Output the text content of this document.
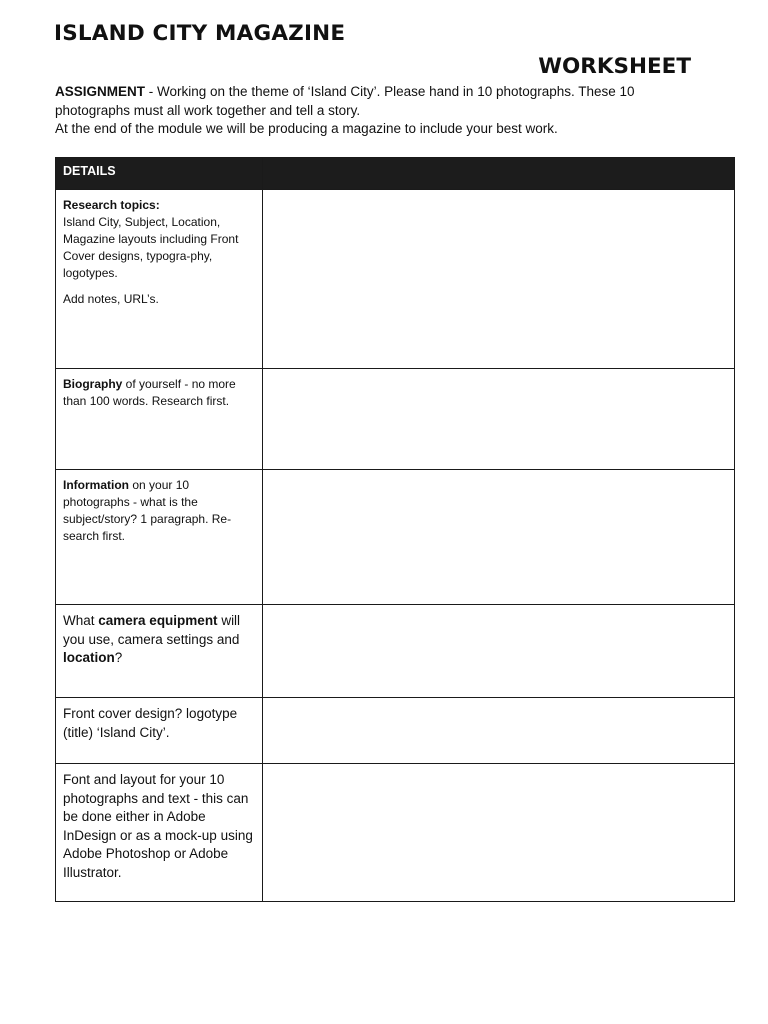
ISLAND CITY MAGAZINE
WORKSHEET

ASSIGNMENT - Working on the theme of ‘Island City’. Please hand in 10 photographs. These 10 photographs must all work together and tell a story.

At the end of the module we will be producing a magazine to include your best work.

DETAILS	

Research topics:

Island City, Subject, Location, Magazine layouts including Front Cover designs, typogra-phy, logotypes.

Add notes, URL’s.	

Biography of yourself - no more than 100 words. Research first.	

Information on your 10 photographs - what is the subject/story? 1 paragraph. Re-search first.	

What camera equipment will you use, camera settings and location?	

Front cover design? logotype (title) ‘Island City’.	

Font and layout for your 10 photographs and text - this can be done either in Adobe InDesign or as a mock-up using Adobe Photoshop or Adobe Illustrator.	
